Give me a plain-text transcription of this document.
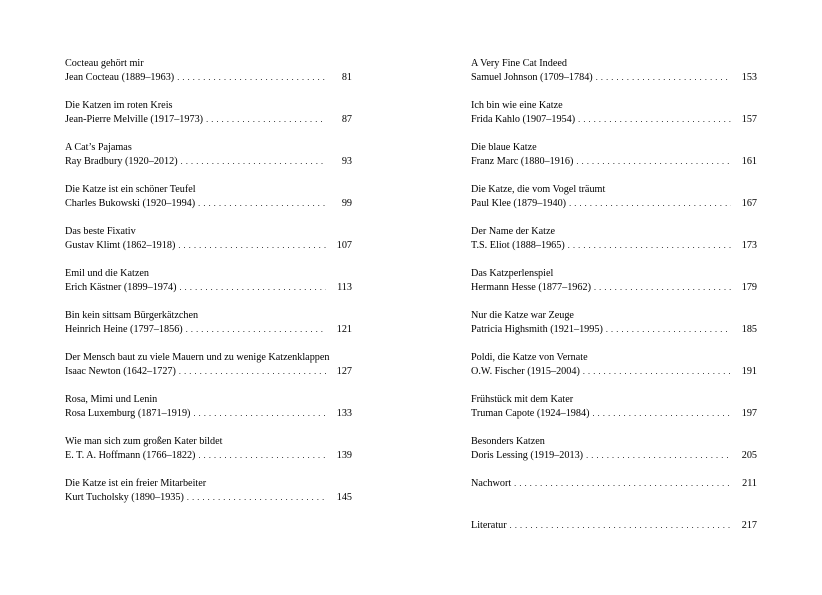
Cocteau gehört mir
Jean Cocteau (1889–1963) . . .	81
Die Katzen im roten Kreis
Jean-Pierre Melville (1917–1973) . . .	87
A Cat’s Pajamas
Ray Bradbury (1920–2012) . . .	93
Die Katze ist ein schöner Teufel
Charles Bukowski (1920–1994) . . .	99
Das beste Fixativ
Gustav Klimt (1862–1918) . . .	107
Emil und die Katzen
Erich Kästner (1899–1974) . . .	113
Bin kein sittsam Bürgerkätzchen
Heinrich Heine (1797–1856) . . .	121
Der Mensch baut zu viele Mauern und zu wenige Katzenklappen
Isaac Newton (1642–1727) . . .	127
Rosa, Mimi und Lenin
Rosa Luxemburg (1871–1919) . . .	133
Wie man sich zum großen Kater bildet
E. T. A. Hoffmann (1766–1822) . . .	139
Die Katze ist ein freier Mitarbeiter
Kurt Tucholsky (1890–1935) . . .	145
A Very Fine Cat Indeed
Samuel Johnson (1709–1784) . . .	153
Ich bin wie eine Katze
Frida Kahlo (1907–1954) . . .	157
Die blaue Katze
Franz Marc (1880–1916) . . .	161
Die Katze, die vom Vogel träumt
Paul Klee (1879–1940) . . .	167
Der Name der Katze
T.S. Eliot (1888–1965) . . .	173
Das Katzperlenspiel
Hermann Hesse (1877–1962) . . .	179
Nur die Katze war Zeuge
Patricia Highsmith (1921–1995) . . .	185
Poldi, die Katze von Vernate
O.W. Fischer (1915–2004) . . .	191
Frühstück mit dem Kater
Truman Capote (1924–1984) . . .	197
Besonders Katzen
Doris Lessing (1919–2013) . . .	205
Nachwort . . .	211
Literatur . . .	217
